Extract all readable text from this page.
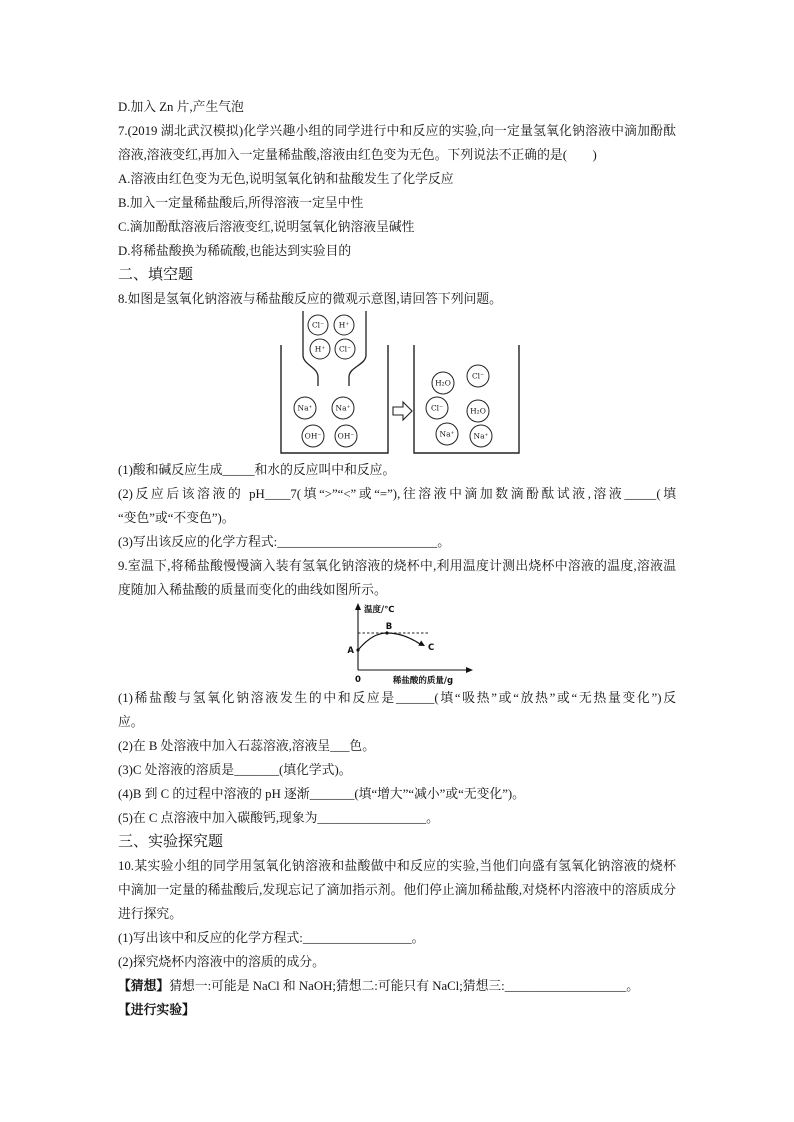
D.加入 Zn 片,产生气泡
7.(2019 湖北武汉模拟)化学兴趣小组的同学进行中和反应的实验,向一定量氢氧化钠溶液中滴加酚酞
溶液,溶液变红,再加入一定量稀盐酸,溶液由红色变为无色。下列说法不正确的是(　　)
A.溶液由红色变为无色,说明氢氧化钠和盐酸发生了化学反应
B.加入一定量稀盐酸后,所得溶液一定呈中性
C.滴加酚酞溶液后溶液变红,说明氢氧化钠溶液呈碱性
D.将稀盐酸换为稀硫酸,也能达到实验目的
二、填空题
8.如图是氢氧化钠溶液与稀盐酸反应的微观示意图,请回答下列问题。
Cl⁻ H⁺
H⁺ Cl⁻
Na⁺	Na⁺
OH⁻ OH⁻
H₂O
Cl⁻
Cl⁻	H₂O
Na⁺	Na⁺
(1)酸和碱反应生成_____和水的反应叫中和反应。
(2)反应后该溶液的 pH____7(填“>”“<”或“=”),往溶液中滴加数滴酚酞试液,溶液_____(填
“变色”或“不变色”)。
(3)写出该反应的化学方程式:_________________________。
9.室温下,将稀盐酸慢慢滴入装有氢氧化钠溶液的烧杯中,利用温度计测出烧杯中溶液的温度,溶液温
度随加入稀盐酸的质量而变化的曲线如图所示。
温度/℃
稀盐酸的质量/g
0
A
B
C
(1)稀盐酸与氢氧化钠溶液发生的中和反应是______(填“吸热”或“放热”或“无热量变化”)反
应。
(2)在 B 处溶液中加入石蕊溶液,溶液呈___色。
(3)C 处溶液的溶质是_______(填化学式)。
(4)B 到 C 的过程中溶液的 pH 逐渐_______(填“增大”“减小”或“无变化”)。
(5)在 C 点溶液中加入碳酸钙,现象为_________________。
三、实验探究题
10.某实验小组的同学用氢氧化钠溶液和盐酸做中和反应的实验,当他们向盛有氢氧化钠溶液的烧杯
中滴加一定量的稀盐酸后,发现忘记了滴加指示剂。他们停止滴加稀盐酸,对烧杯内溶液中的溶质成分
进行探究。
(1)写出该中和反应的化学方程式:_________________。
(2)探究烧杯内溶液中的溶质的成分。
【猜想】猜想一:可能是 NaCl 和 NaOH;猜想二:可能只有 NaCl;猜想三:___________________。
【进行实验】
